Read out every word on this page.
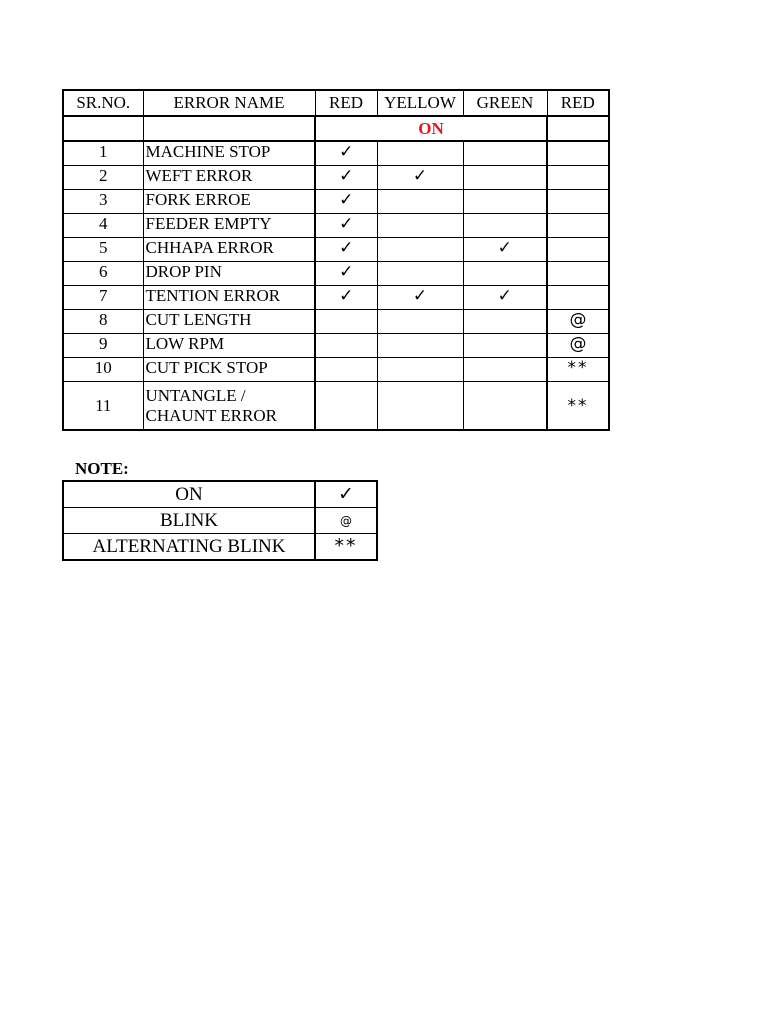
SR.NO.	ERROR NAME	RED	YELLOW	GREEN	RED
		ON			
1	MACHINE STOP	✓			
2	WEFT ERROR	✓	✓		
3	FORK ERROE	✓			
4	FEEDER EMPTY	✓			
5	CHHAPA ERROR	✓		✓	
6	DROP PIN	✓			
7	TENTION ERROR	✓	✓	✓	
8	CUT LENGTH				@
9	LOW RPM				@
10	CUT PICK STOP				**
11	UNTANGLE /
CHAUNT ERROR				**
NOTE:
ON	✓
BLINK	@
ALTERNATING BLINK	**
